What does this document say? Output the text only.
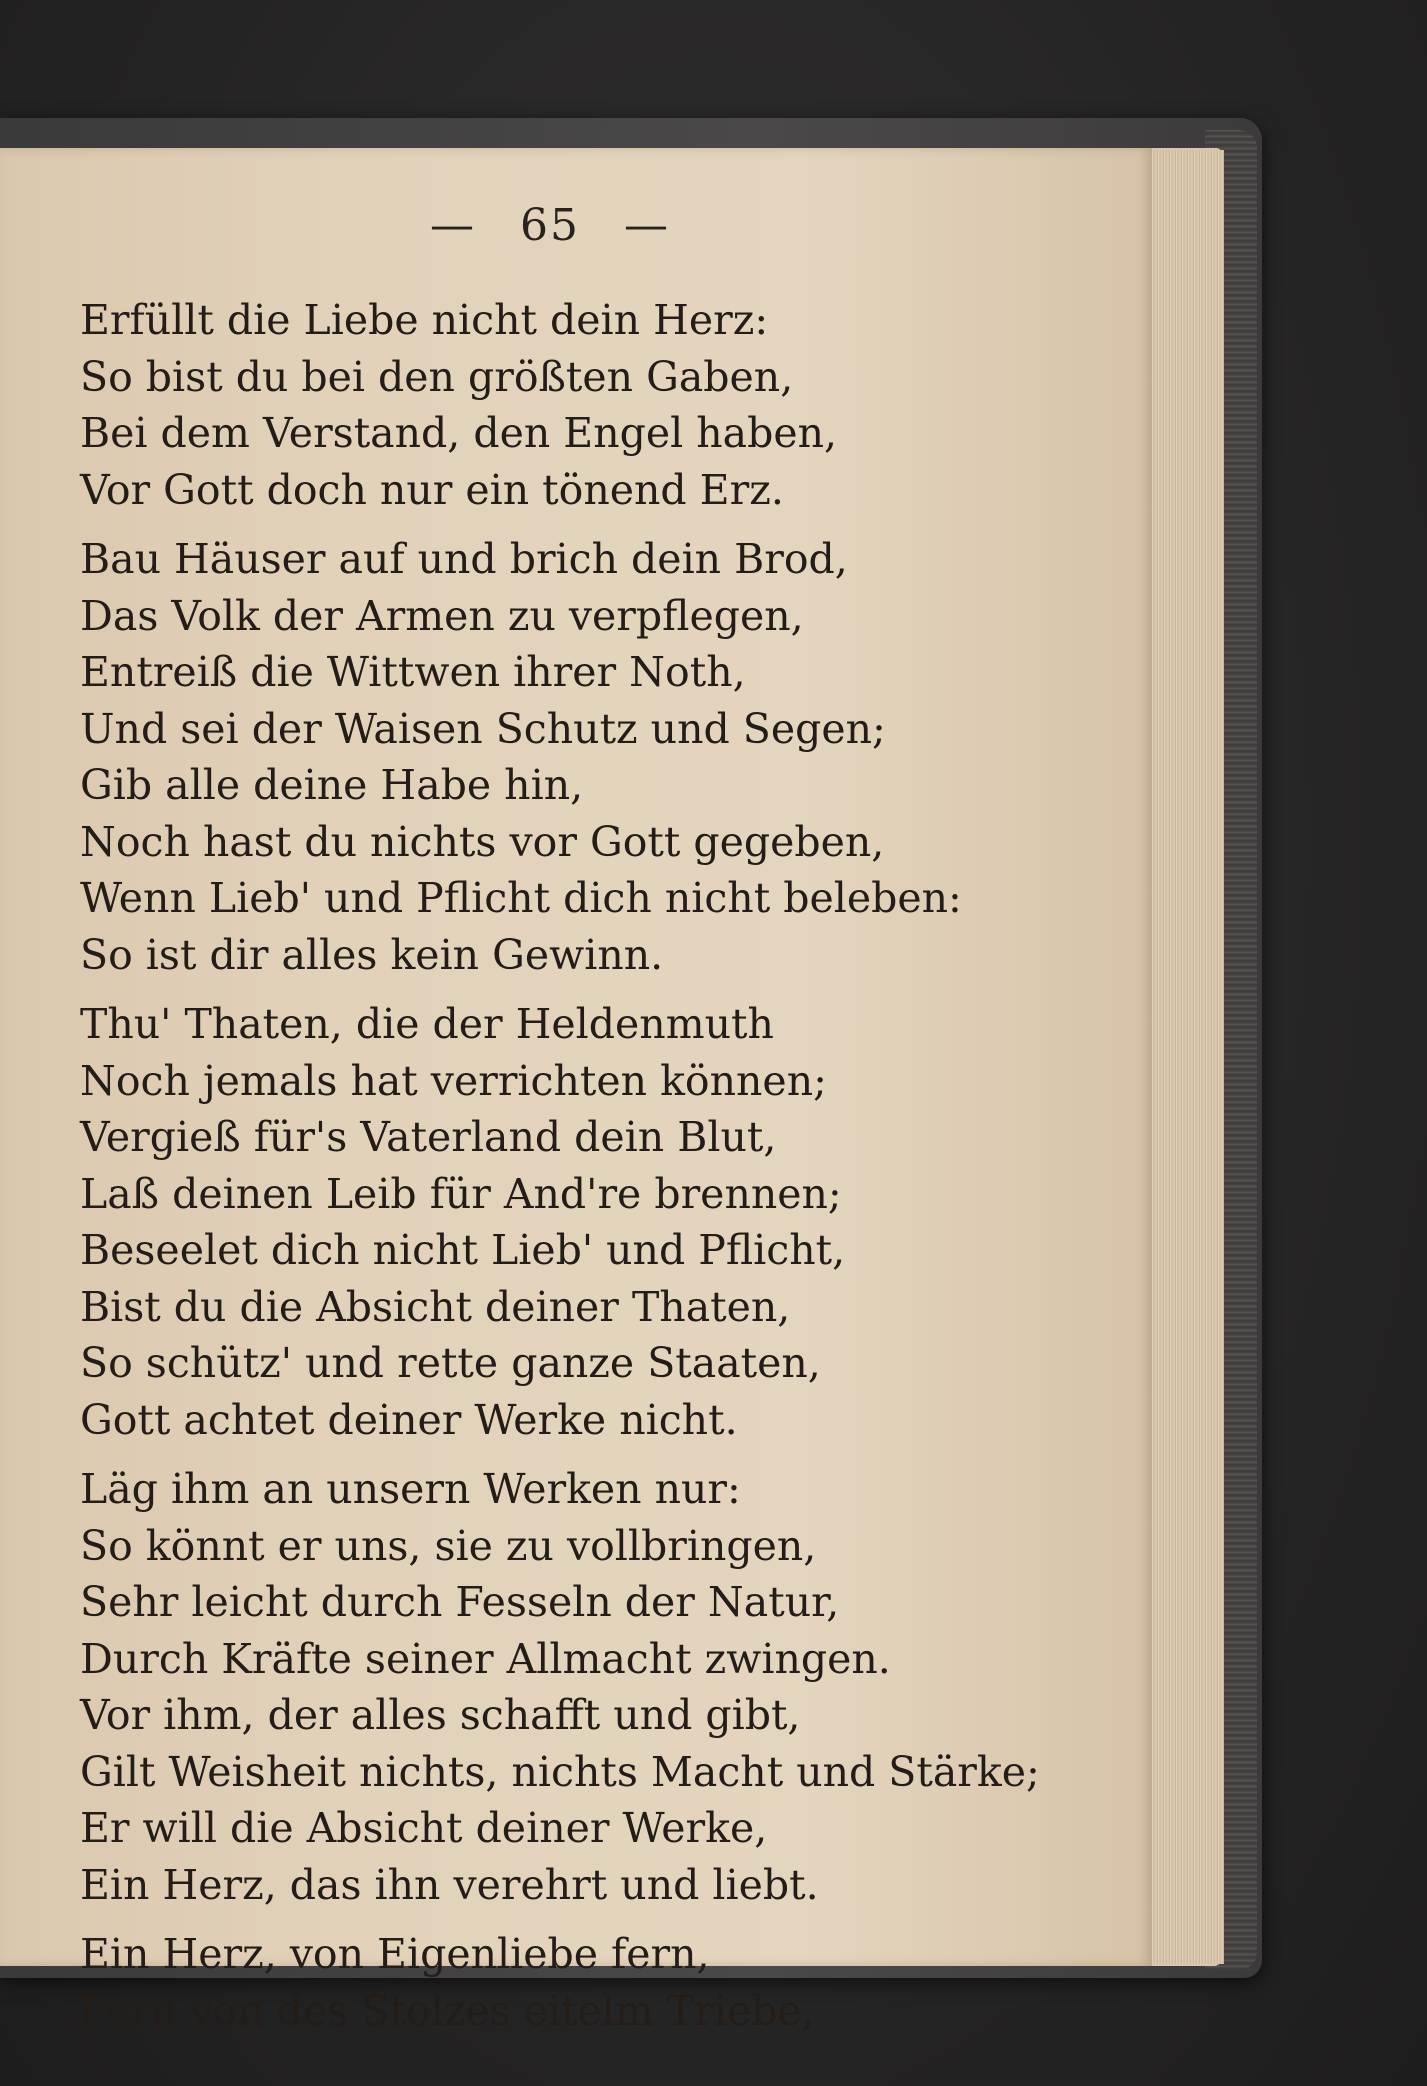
— 65 —
Erfüllt die Liebe nicht dein Herz:
So bist du bei den größten Gaben,
Bei dem Verstand, den Engel haben,
Vor Gott doch nur ein tönend Erz.
Bau Häuser auf und brich dein Brod,
Das Volk der Armen zu verpflegen,
Entreiß die Wittwen ihrer Noth,
Und sei der Waisen Schutz und Segen;
Gib alle deine Habe hin,
Noch hast du nichts vor Gott gegeben,
Wenn Lieb' und Pflicht dich nicht beleben:
So ist dir alles kein Gewinn.
Thu' Thaten, die der Heldenmuth
Noch jemals hat verrichten können;
Vergieß für's Vaterland dein Blut,
Laß deinen Leib für And're brennen;
Beseelet dich nicht Lieb' und Pflicht,
Bist du die Absicht deiner Thaten,
So schütz' und rette ganze Staaten,
Gott achtet deiner Werke nicht.
Läg ihm an unsern Werken nur:
So könnt er uns, sie zu vollbringen,
Sehr leicht durch Fesseln der Natur,
Durch Kräfte seiner Allmacht zwingen.
Vor ihm, der alles schafft und gibt,
Gilt Weisheit nichts, nichts Macht und Stärke;
Er will die Absicht deiner Werke,
Ein Herz, das ihn verehrt und liebt.
Ein Herz, von Eigenliebe fern,
Fern von des Stolzes eitelm Triebe,
